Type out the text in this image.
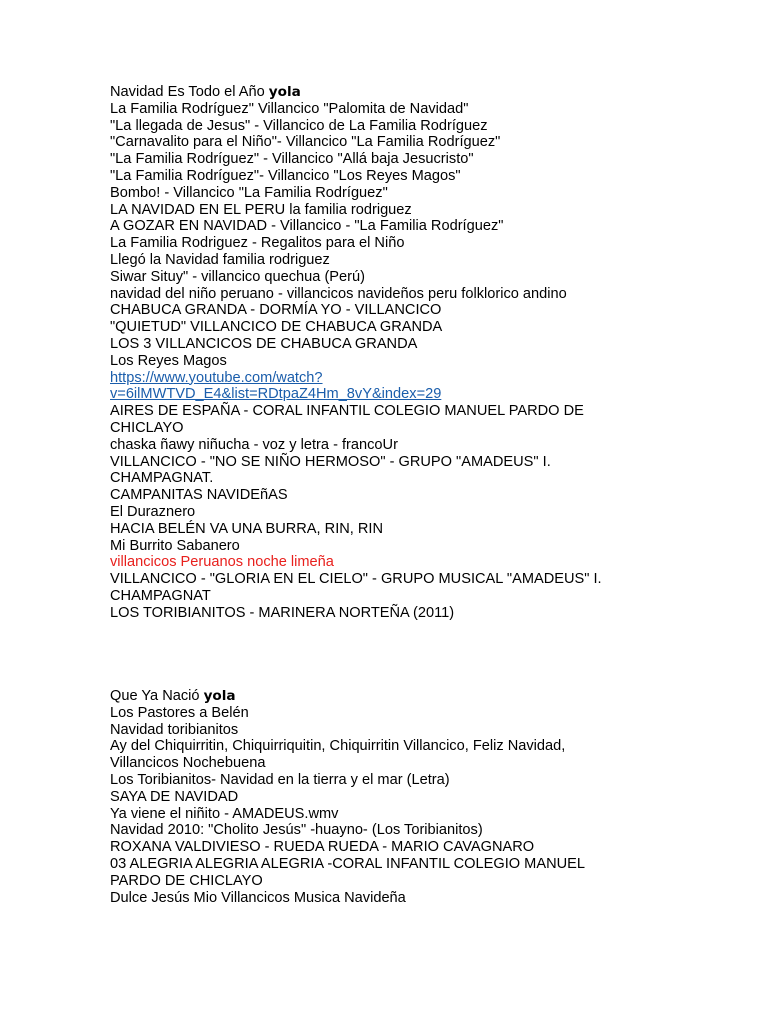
Navidad Es Todo el Año yola
La Familia Rodríguez" Villancico "Palomita de Navidad"
"La llegada de Jesus" - Villancico de La Familia Rodríguez
"Carnavalito para el Niño"- Villancico "La Familia Rodríguez"
"La Familia Rodríguez" - Villancico "Allá baja Jesucristo"
"La Familia Rodríguez"- Villancico "Los Reyes Magos"
Bombo! - Villancico "La Familia Rodríguez"
LA NAVIDAD EN EL PERU la familia rodriguez
A GOZAR EN NAVIDAD - Villancico - "La Familia Rodríguez"
La Familia Rodriguez - Regalitos para el Niño
Llegó la Navidad familia rodriguez
Siwar Situy" - villancico quechua (Perú)
navidad del niño peruano - villancicos navideños peru folklorico andino
CHABUCA GRANDA - DORMÍA YO - VILLANCICO
"QUIETUD" VILLANCICO DE CHABUCA GRANDA
LOS 3 VILLANCICOS DE CHABUCA GRANDA
Los Reyes Magos
https://www.youtube.com/watch?
v=6ilMWTVD_E4&list=RDtpaZ4Hm_8vY&index=29
AIRES DE ESPAÑA - CORAL INFANTIL COLEGIO MANUEL PARDO DE
CHICLAYO
chaska ñawy niñucha - voz y letra - francoUr
VILLANCICO - "NO SE NIÑO HERMOSO" - GRUPO "AMADEUS" I.
CHAMPAGNAT.
CAMPANITAS NAVIDEñAS
El Duraznero
HACIA BELÉN VA UNA BURRA, RIN, RIN
Mi Burrito Sabanero
villancicos Peruanos noche limeña
VILLANCICO - "GLORIA EN EL CIELO" - GRUPO MUSICAL "AMADEUS" I.
CHAMPAGNAT
LOS TORIBIANITOS - MARINERA NORTEÑA (2011)
Que Ya Nació yola
Los Pastores a Belén
Navidad toribianitos
Ay del Chiquirritin, Chiquirriquitin, Chiquirritin Villancico, Feliz Navidad,
Villancicos Nochebuena
Los Toribianitos- Navidad en la tierra y el mar (Letra)
SAYA DE NAVIDAD
Ya viene el niñito - AMADEUS.wmv
Navidad 2010: "Cholito Jesús" -huayno- (Los Toribianitos)
ROXANA VALDIVIESO - RUEDA RUEDA - MARIO CAVAGNARO
03 ALEGRIA ALEGRIA ALEGRIA -CORAL INFANTIL COLEGIO MANUEL
PARDO DE CHICLAYO
Dulce Jesús Mio Villancicos Musica Navideña
